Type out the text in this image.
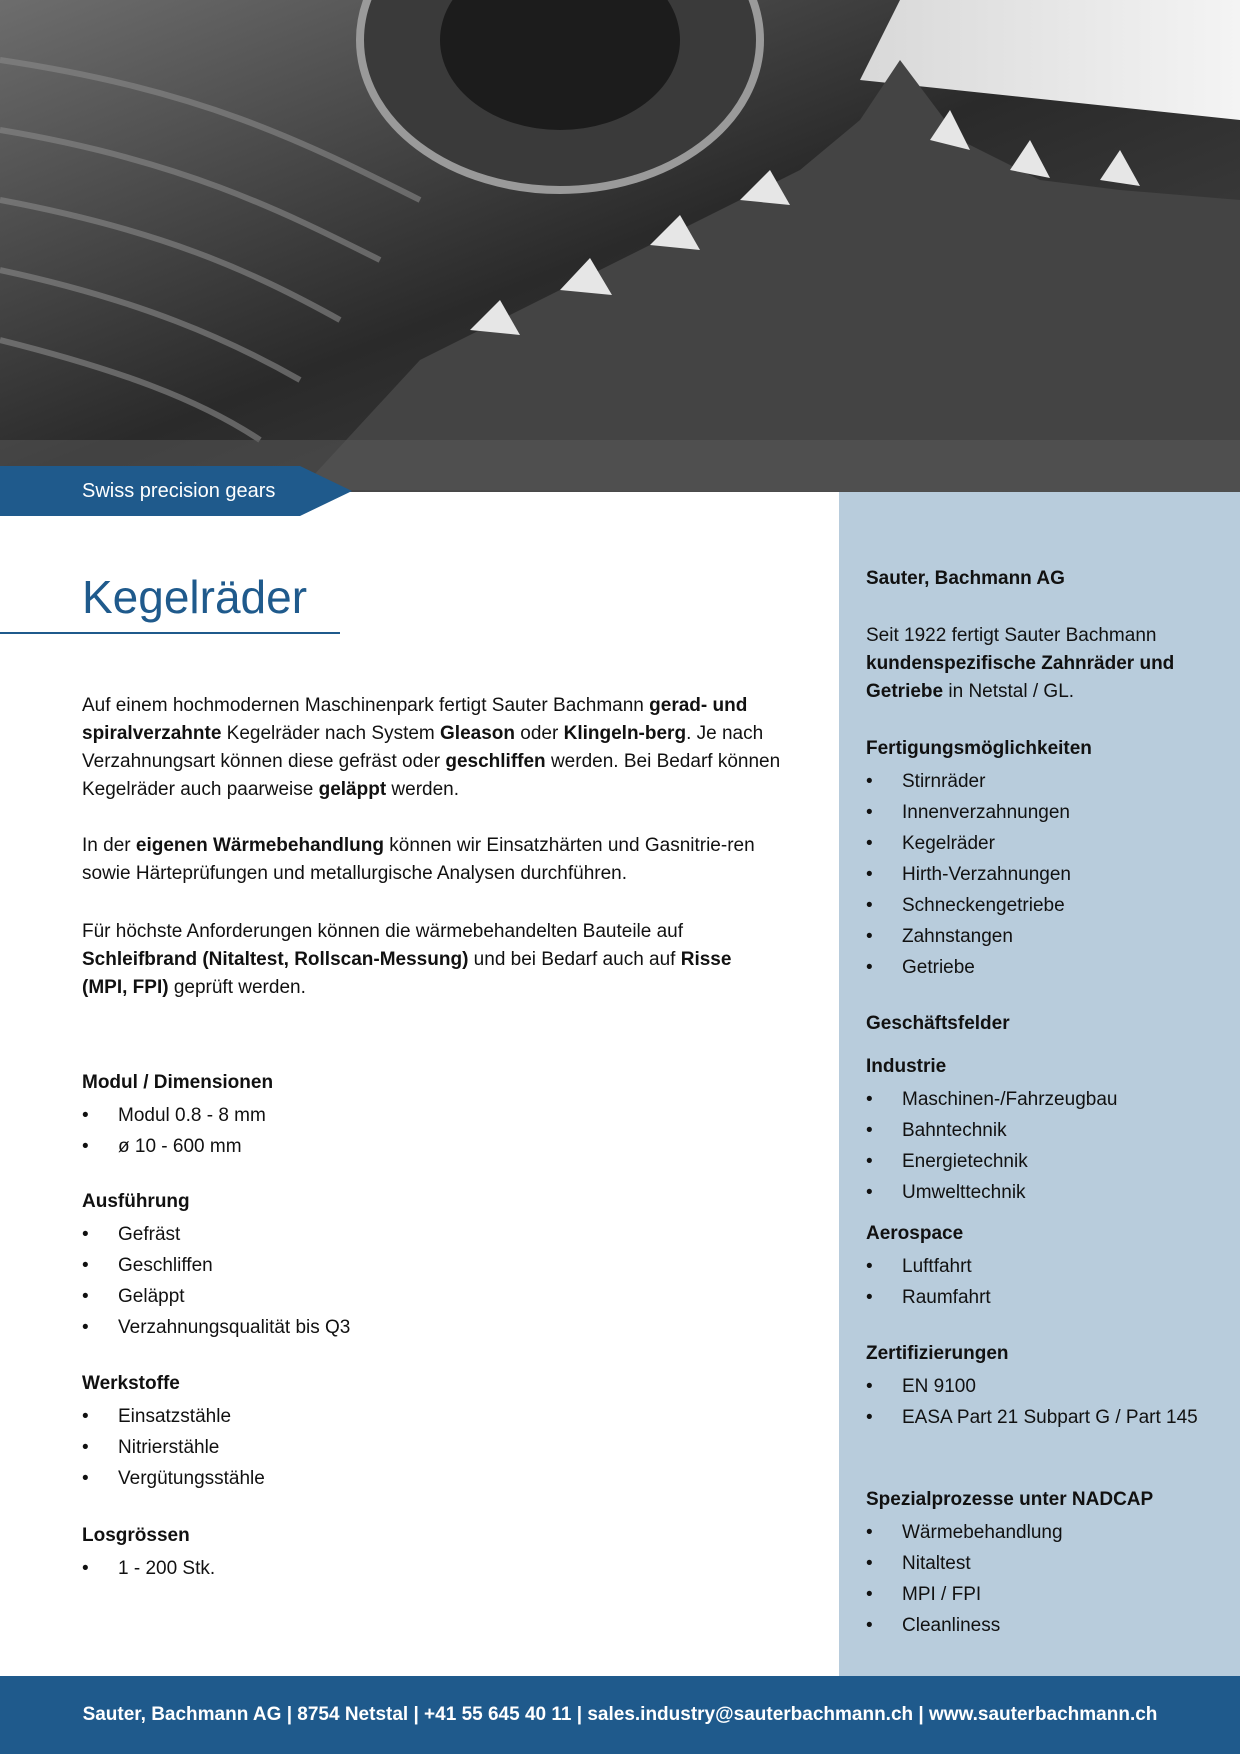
Swiss precision gears
Kegelräder
Auf einem hochmodernen Maschinenpark fertigt Sauter Bachmann gerad- und spiralverzahnte Kegelräder nach System Gleason oder Klingeln-berg. Je nach Verzahnungsart können diese gefräst oder geschliffen werden. Bei Bedarf können Kegelräder auch paarweise geläppt werden.
In der eigenen Wärmebehandlung können wir Einsatzhärten und Gasnitrie-ren sowie Härteprüfungen und metallurgische Analysen durchführen.
Für höchste Anforderungen können die wärmebehandelten Bauteile auf Schleifbrand (Nitaltest, Rollscan-Messung) und bei Bedarf auch auf Risse (MPI, FPI) geprüft werden.
Modul / Dimensionen
• Modul 0.8 - 8 mm
• ø 10 - 600 mm
Ausführung
• Gefräst
• Geschliffen
• Geläppt
• Verzahnungsqualität bis Q3
Werkstoffe
• Einsatzstähle
• Nitrierstähle
• Vergütungsstähle
Losgrössen
• 1 - 200 Stk.
Sauter, Bachmann AG
Seit 1922 fertigt Sauter Bachmann kundenspezifische Zahnräder und Getriebe in Netstal / GL.
Fertigungsmöglichkeiten
• Stirnräder
• Innenverzahnungen
• Kegelräder
• Hirth-Verzahnungen
• Schneckengetriebe
• Zahnstangen
• Getriebe
Geschäftsfelder
Industrie
• Maschinen-/Fahrzeugbau
• Bahntechnik
• Energietechnik
• Umwelttechnik
Aerospace
• Luftfahrt
• Raumfahrt
Zertifizierungen
• EN 9100
• EASA Part 21 Subpart G / Part 145
Spezialprozesse unter NADCAP
• Wärmebehandlung
• Nitaltest
• MPI / FPI
• Cleanliness
Sauter, Bachmann AG | 8754 Netstal | +41 55 645 40 11 | sales.industry@sauterbachmann.ch | www.sauterbachmann.ch
